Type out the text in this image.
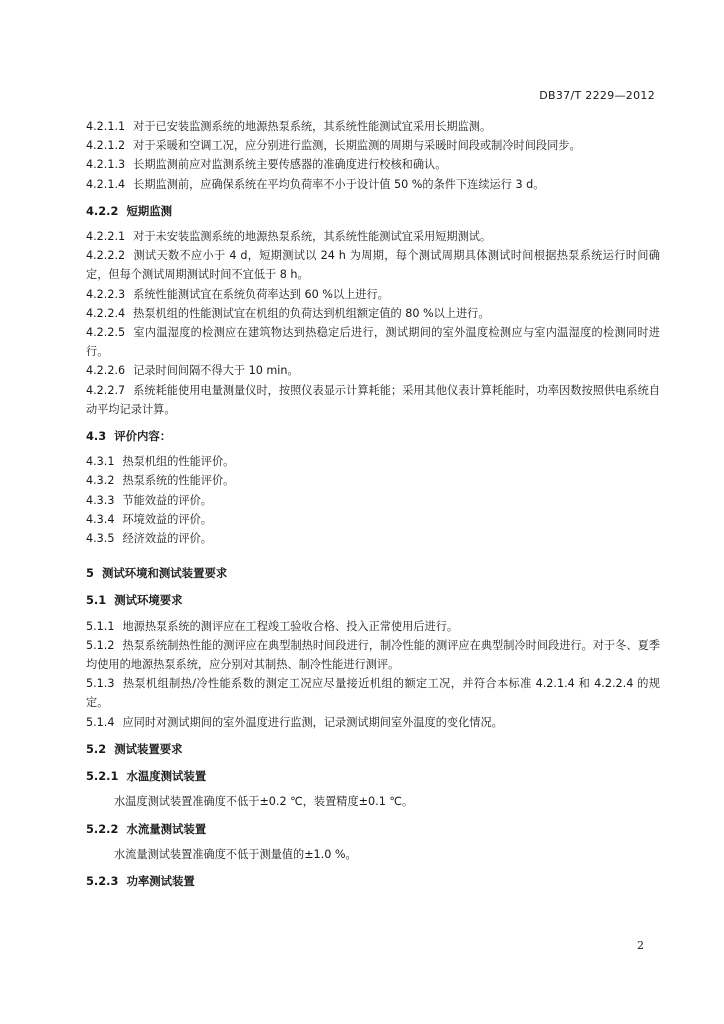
DB37/T 2229—2012

4.2.1.1 对于已安装监测系统的地源热泵系统，其系统性能测试宜采用长期监测。

4.2.1.2 对于采暖和空调工况，应分别进行监测，长期监测的周期与采暖时间段或制冷时间段同步。

4.2.1.3 长期监测前应对监测系统主要传感器的准确度进行校核和确认。

4.2.1.4 长期监测前，应确保系统在平均负荷率不小于设计值 50 %的条件下连续运行 3 d。

4.2.2 短期监测

4.2.2.1 对于未安装监测系统的地源热泵系统，其系统性能测试宜采用短期测试。

4.2.2.2 测试天数不应小于 4 d，短期测试以 24 h 为周期，每个测试周期具体测试时间根据热泵系统运行时间确定，但每个测试周期测试时间不宜低于 8 h。

4.2.2.3 系统性能测试宜在系统负荷率达到 60 %以上进行。

4.2.2.4 热泵机组的性能测试宜在机组的负荷达到机组额定值的 80 %以上进行。

4.2.2.5 室内温湿度的检测应在建筑物达到热稳定后进行，测试期间的室外温度检测应与室内温湿度的检测同时进行。

4.2.2.6 记录时间间隔不得大于 10 min。

4.2.2.7 系统耗能使用电量测量仪时，按照仪表显示计算耗能；采用其他仪表计算耗能时，功率因数按照供电系统自动平均记录计算。

4.3 评价内容：

4.3.1 热泵机组的性能评价。

4.3.2 热泵系统的性能评价。

4.3.3 节能效益的评价。

4.3.4 环境效益的评价。

4.3.5 经济效益的评价。

5 测试环境和测试装置要求

5.1 测试环境要求

5.1.1 地源热泵系统的测评应在工程竣工验收合格、投入正常使用后进行。

5.1.2 热泵系统制热性能的测评应在典型制热时间段进行，制冷性能的测评应在典型制冷时间段进行。对于冬、夏季均使用的地源热泵系统，应分别对其制热、制冷性能进行测评。

5.1.3 热泵机组制热/冷性能系数的测定工况应尽量接近机组的额定工况，并符合本标准 4.2.1.4 和 4.2.2.4 的规定。

5.1.4 应同时对测试期间的室外温度进行监测，记录测试期间室外温度的变化情况。

5.2 测试装置要求

5.2.1 水温度测试装置

水温度测试装置准确度不低于±0.2 ℃，装置精度±0.1 ℃。

5.2.2 水流量测试装置

水流量测试装置准确度不低于测量值的±1.0 %。

5.2.3 功率测试装置

2
